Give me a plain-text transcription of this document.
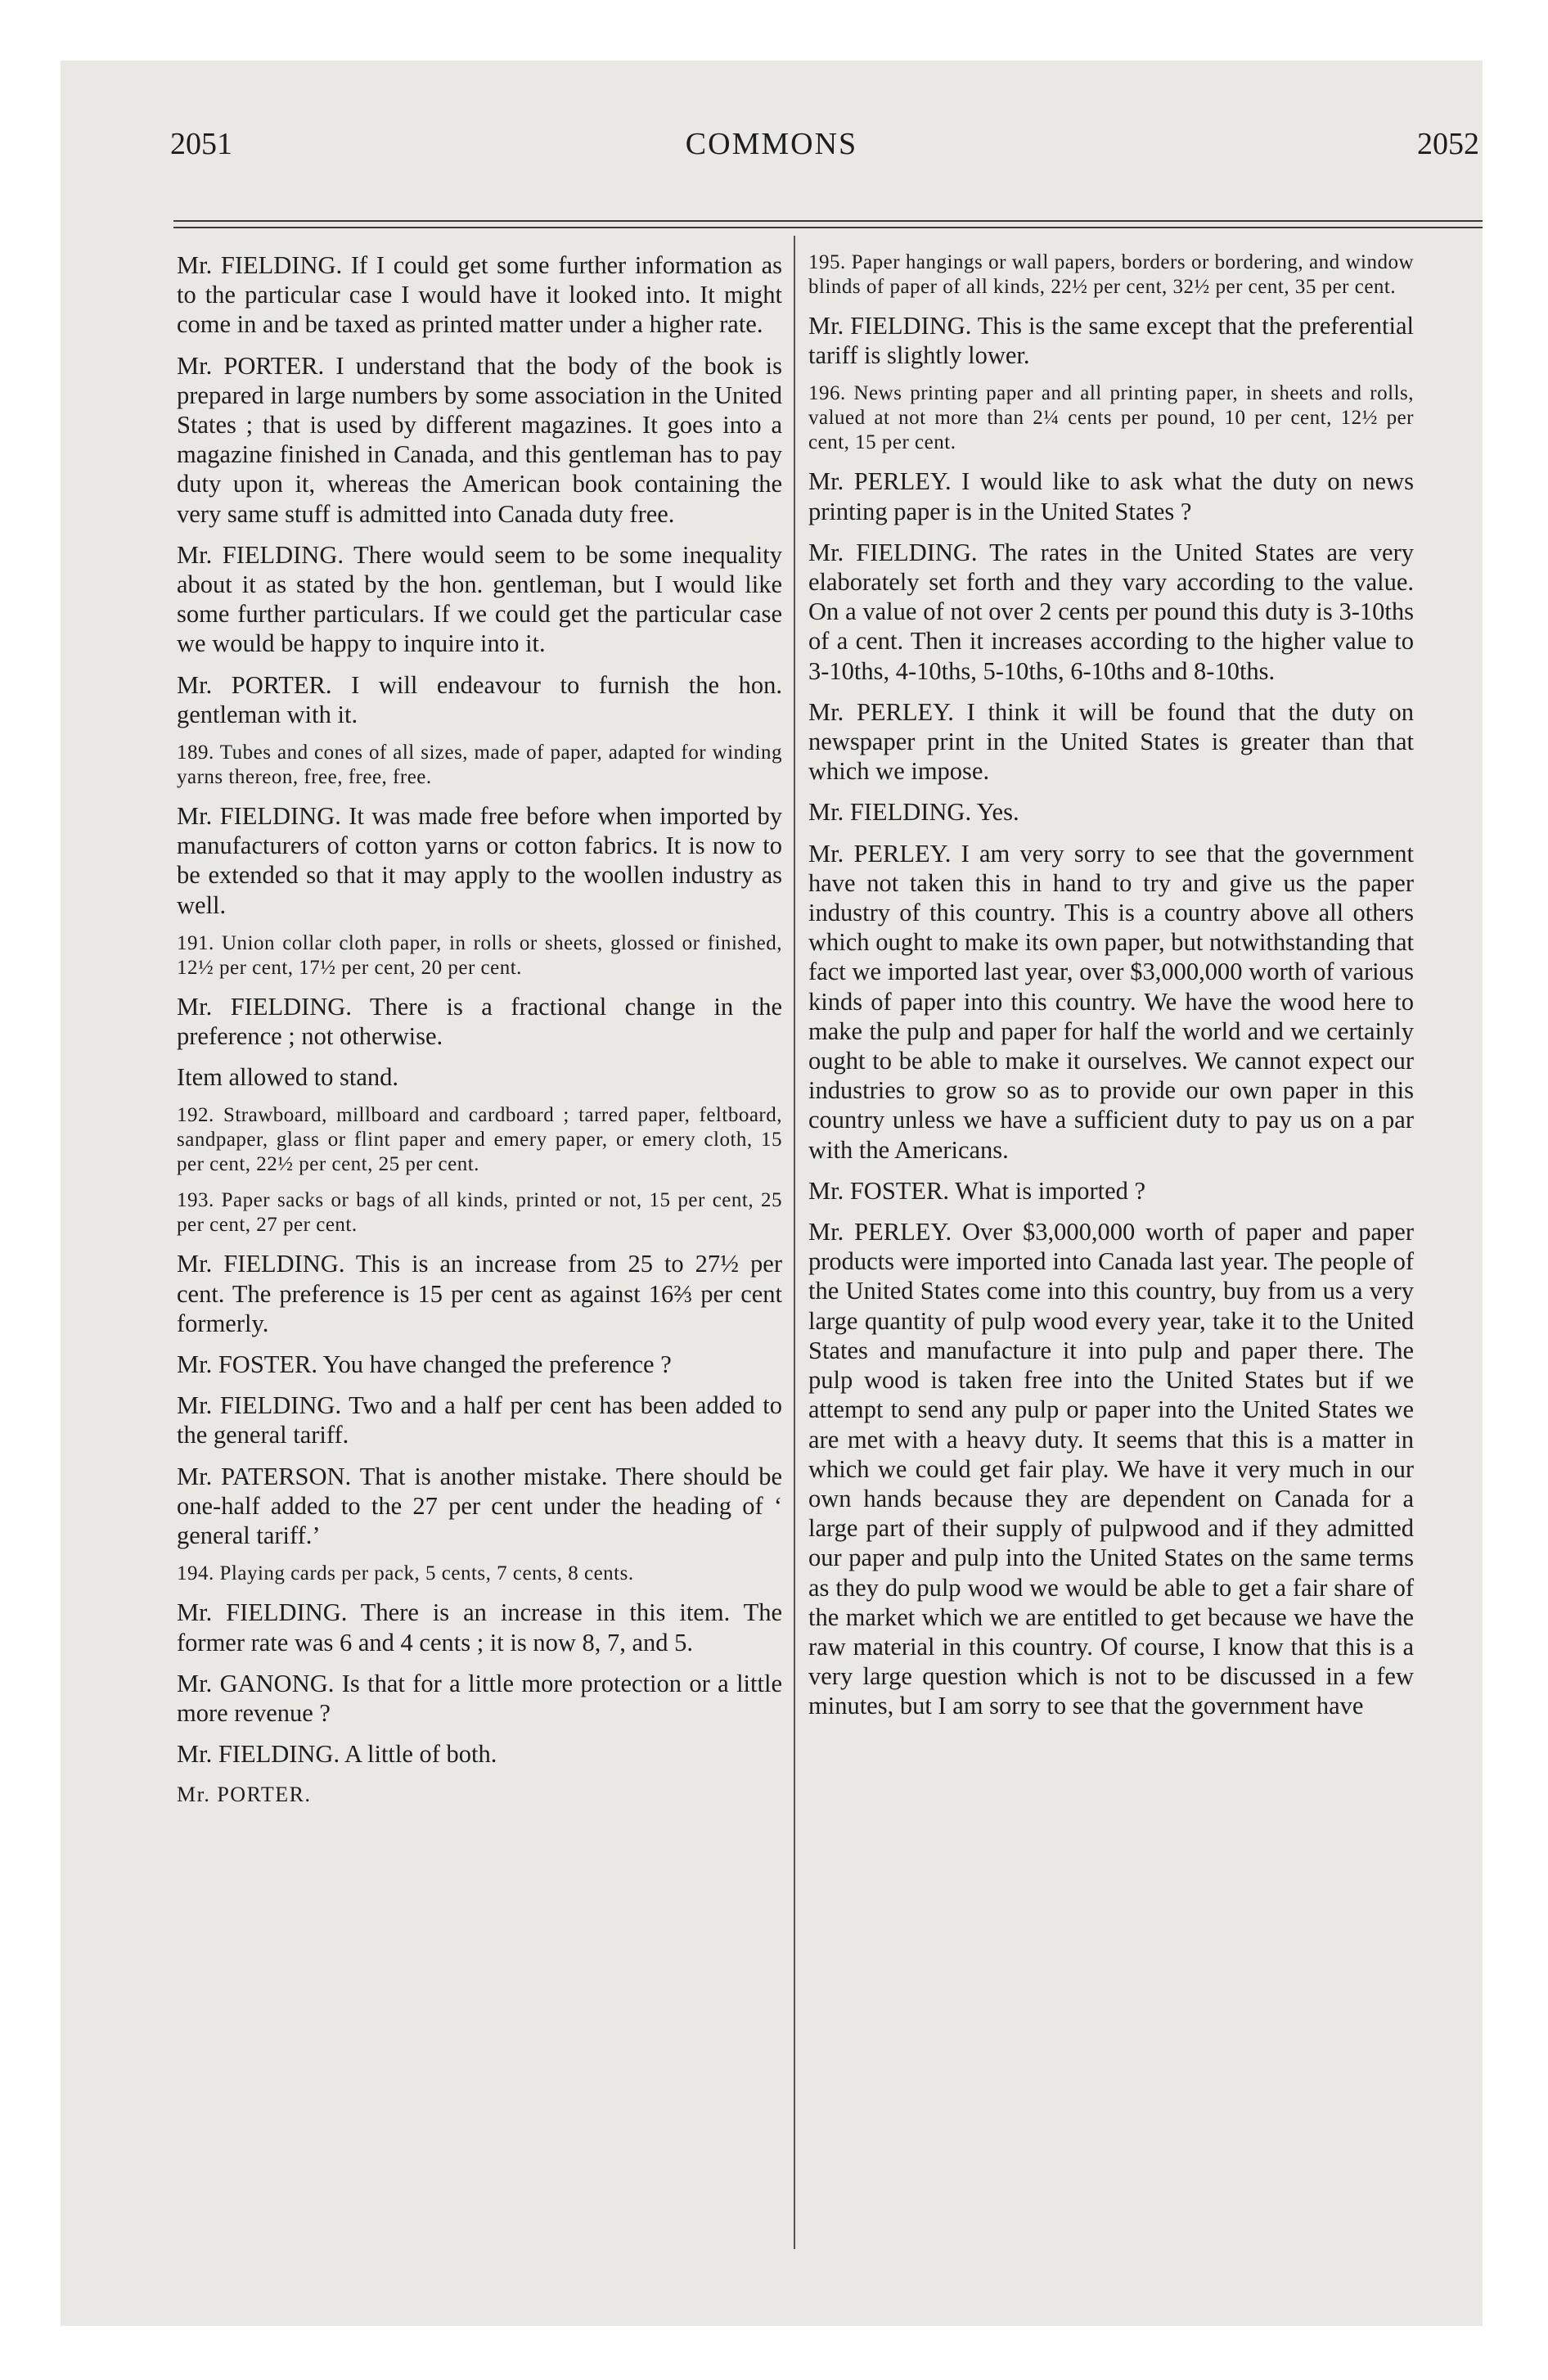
2051	COMMONS	2052

Mr. FIELDING. If I could get some further information as to the particular case I would have it looked into. It might come in and be taxed as printed matter under a higher rate.

Mr. PORTER. I understand that the body of the book is prepared in large numbers by some association in the United States ; that is used by different magazines. It goes into a magazine finished in Canada, and this gentleman has to pay duty upon it, whereas the American book containing the very same stuff is admitted into Canada duty free.

Mr. FIELDING. There would seem to be some inequality about it as stated by the hon. gentleman, but I would like some further particulars. If we could get the particular case we would be happy to inquire into it.

Mr. PORTER. I will endeavour to furnish the hon. gentleman with it.

189. Tubes and cones of all sizes, made of paper, adapted for winding yarns thereon, free, free, free.

Mr. FIELDING. It was made free before when imported by manufacturers of cotton yarns or cotton fabrics. It is now to be extended so that it may apply to the woollen industry as well.

191. Union collar cloth paper, in rolls or sheets, glossed or finished, 12½ per cent, 17½ per cent, 20 per cent.

Mr. FIELDING. There is a fractional change in the preference ; not otherwise.

Item allowed to stand.

192. Strawboard, millboard and cardboard ; tarred paper, feltboard, sandpaper, glass or flint paper and emery paper, or emery cloth, 15 per cent, 22½ per cent, 25 per cent.

193. Paper sacks or bags of all kinds, printed or not, 15 per cent, 25 per cent, 27 per cent.

Mr. FIELDING. This is an increase from 25 to 27½ per cent. The preference is 15 per cent as against 16⅔ per cent formerly.

Mr. FOSTER. You have changed the preference ?

Mr. FIELDING. Two and a half per cent has been added to the general tariff.

Mr. PATERSON. That is another mistake. There should be one-half added to the 27 per cent under the heading of ‘ general tariff.’

194. Playing cards per pack, 5 cents, 7 cents, 8 cents.

Mr. FIELDING. There is an increase in this item. The former rate was 6 and 4 cents ; it is now 8, 7, and 5.

Mr. GANONG. Is that for a little more protection or a little more revenue ?

Mr. FIELDING. A little of both.

Mr. PORTER.

195. Paper hangings or wall papers, borders or bordering, and window blinds of paper of all kinds, 22½ per cent, 32½ per cent, 35 per cent.

Mr. FIELDING. This is the same except that the preferential tariff is slightly lower.

196. News printing paper and all printing paper, in sheets and rolls, valued at not more than 2¼ cents per pound, 10 per cent, 12½ per cent, 15 per cent.

Mr. PERLEY. I would like to ask what the duty on news printing paper is in the United States ?

Mr. FIELDING. The rates in the United States are very elaborately set forth and they vary according to the value. On a value of not over 2 cents per pound this duty is 3-10ths of a cent. Then it increases according to the higher value to 3-10ths, 4-10ths, 5-10ths, 6-10ths and 8-10ths.

Mr. PERLEY. I think it will be found that the duty on newspaper print in the United States is greater than that which we impose.

Mr. FIELDING. Yes.

Mr. PERLEY. I am very sorry to see that the government have not taken this in hand to try and give us the paper industry of this country. This is a country above all others which ought to make its own paper, but notwithstanding that fact we imported last year, over $3,000,000 worth of various kinds of paper into this country. We have the wood here to make the pulp and paper for half the world and we certainly ought to be able to make it ourselves. We cannot expect our industries to grow so as to provide our own paper in this country unless we have a sufficient duty to pay us on a par with the Americans.

Mr. FOSTER. What is imported ?

Mr. PERLEY. Over $3,000,000 worth of paper and paper products were imported into Canada last year. The people of the United States come into this country, buy from us a very large quantity of pulp wood every year, take it to the United States and manufacture it into pulp and paper there. The pulp wood is taken free into the United States but if we attempt to send any pulp or paper into the United States we are met with a heavy duty. It seems that this is a matter in which we could get fair play. We have it very much in our own hands because they are dependent on Canada for a large part of their supply of pulpwood and if they admitted our paper and pulp into the United States on the same terms as they do pulp wood we would be able to get a fair share of the market which we are entitled to get because we have the raw material in this country. Of course, I know that this is a very large question which is not to be discussed in a few minutes, but I am sorry to see that the government have
